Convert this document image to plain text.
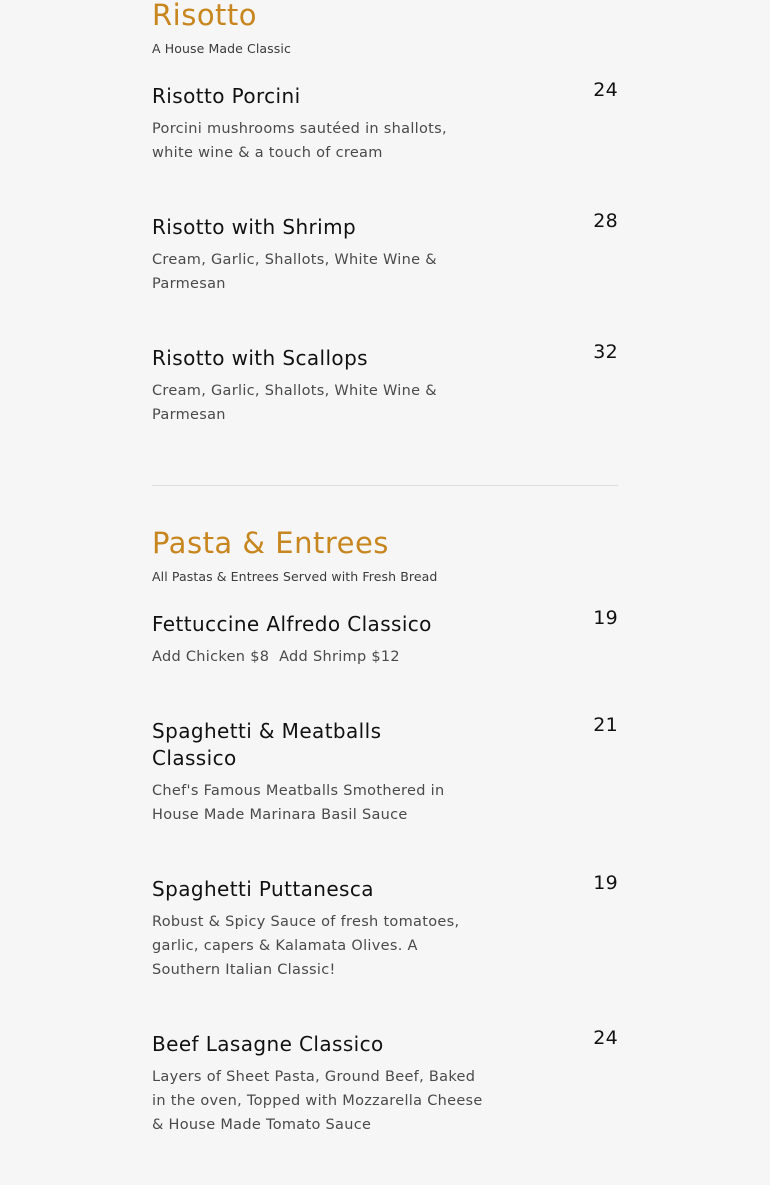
Risotto

A House Made Classic

Risotto Porcini	24
Porcini mushrooms sautéed in shallots, white wine & a touch of cream
Risotto with Shrimp	28
Cream, Garlic, Shallots, White Wine & Parmesan
Risotto with Scallops	32
Cream, Garlic, Shallots, White Wine & Parmesan
Pasta & Entrees

All Pastas & Entrees Served with Fresh Bread

Fettuccine Alfredo Classico	19
Add Chicken $8  Add Shrimp $12
Spaghetti & Meatballs Classico
21
Chef's Famous Meatballs Smothered in House Made Marinara Basil Sauce
Spaghetti Puttanesca	19
Robust & Spicy Sauce of fresh tomatoes, garlic, capers & Kalamata Olives. A Southern Italian Classic!
Beef Lasagne Classico	24
Layers of Sheet Pasta, Ground Beef, Baked in the oven, Topped with Mozzarella Cheese & House Made Tomato Sauce
